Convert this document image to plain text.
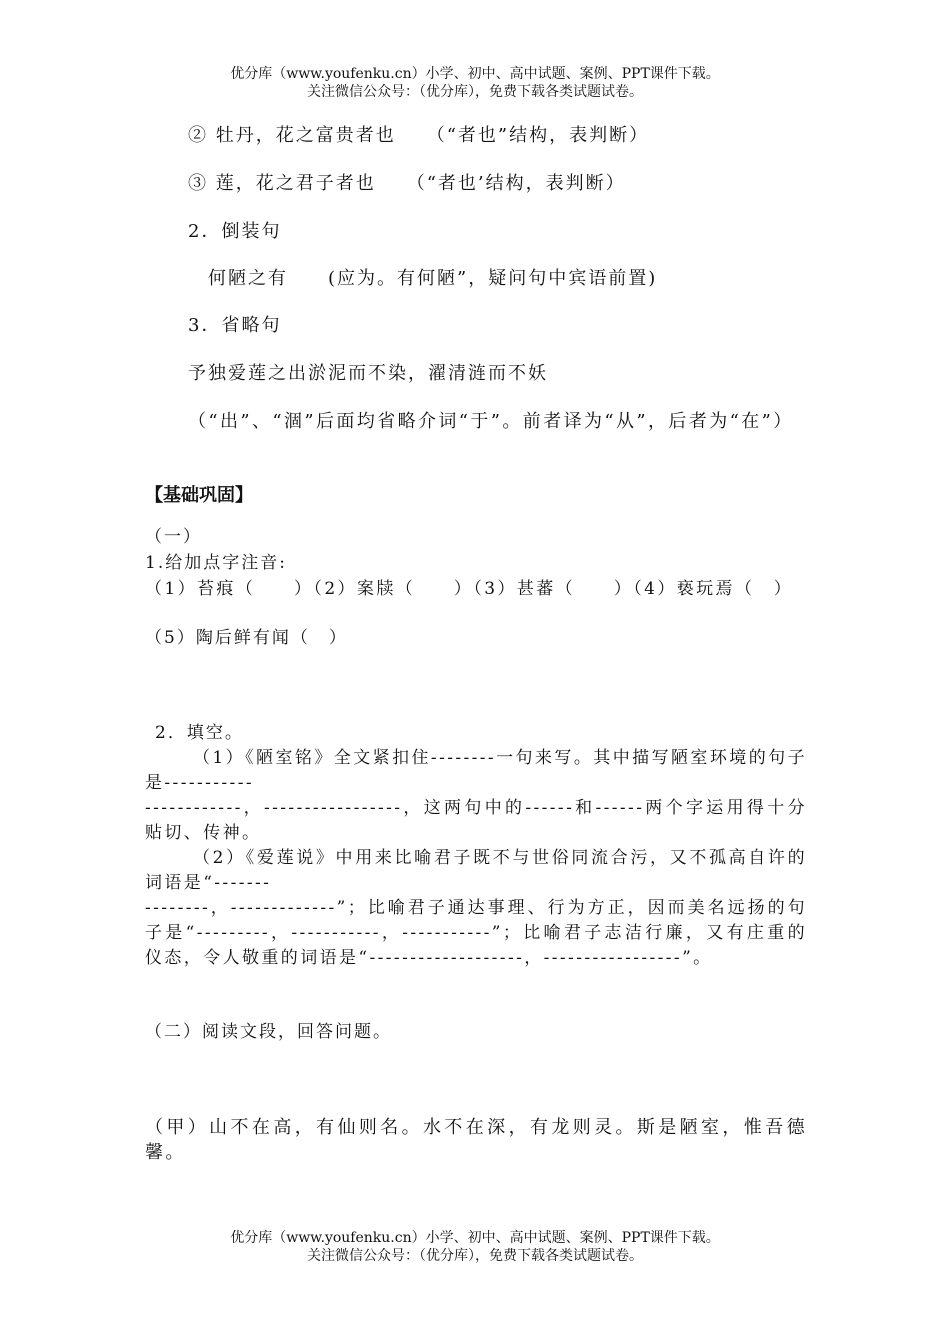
优分库（www.youfenku.cn）小学、初中、高中试题、案例、PPT课件下载。
关注微信公众号：（优分库），免费下载各类试题试卷。
② 牡丹，花之富贵者也　　（“者也”结构，表判断）
③ 莲，花之君子者也　　（“者也’结构，表判断）
2．倒装句
何陋之有　　(应为。有何陋”，疑问句中宾语前置)
3．省略句
予独爱莲之出淤泥而不染，濯清涟而不妖
（“出”、“涸”后面均省略介词“于”。前者译为“从”，后者为“在”）
【基础巩固】
（一）
1.给加点字注音:
（1）苔痕（　　）（2）案牍（　　）（3）甚蕃（　　）（4）亵玩焉（　）
（5）陶后鲜有闻（　）
2．填空。
（1）《陋室铭》全文紧扣住--------一句来写。其中描写陋室环境的句子是-----------
------------，-----------------，这两句中的------和------两个字运用得十分贴切、传神。
（2）《爱莲说》中用来比喻君子既不与世俗同流合污，又不孤高自许的词语是“-------
--------，-------------”；比喻君子通达事理、行为方正，因而美名远扬的句子是“---------，-----------，-----------”；比喻君子志洁行廉，又有庄重的仪态，令人敬重的词语是“-------------------，-----------------”。
（二）阅读文段，回答问题。
（甲）山不在高，有仙则名。水不在深，有龙则灵。斯是陋室，惟吾德馨。
优分库（www.youfenku.cn）小学、初中、高中试题、案例、PPT课件下载。
关注微信公众号：（优分库），免费下载各类试题试卷。
